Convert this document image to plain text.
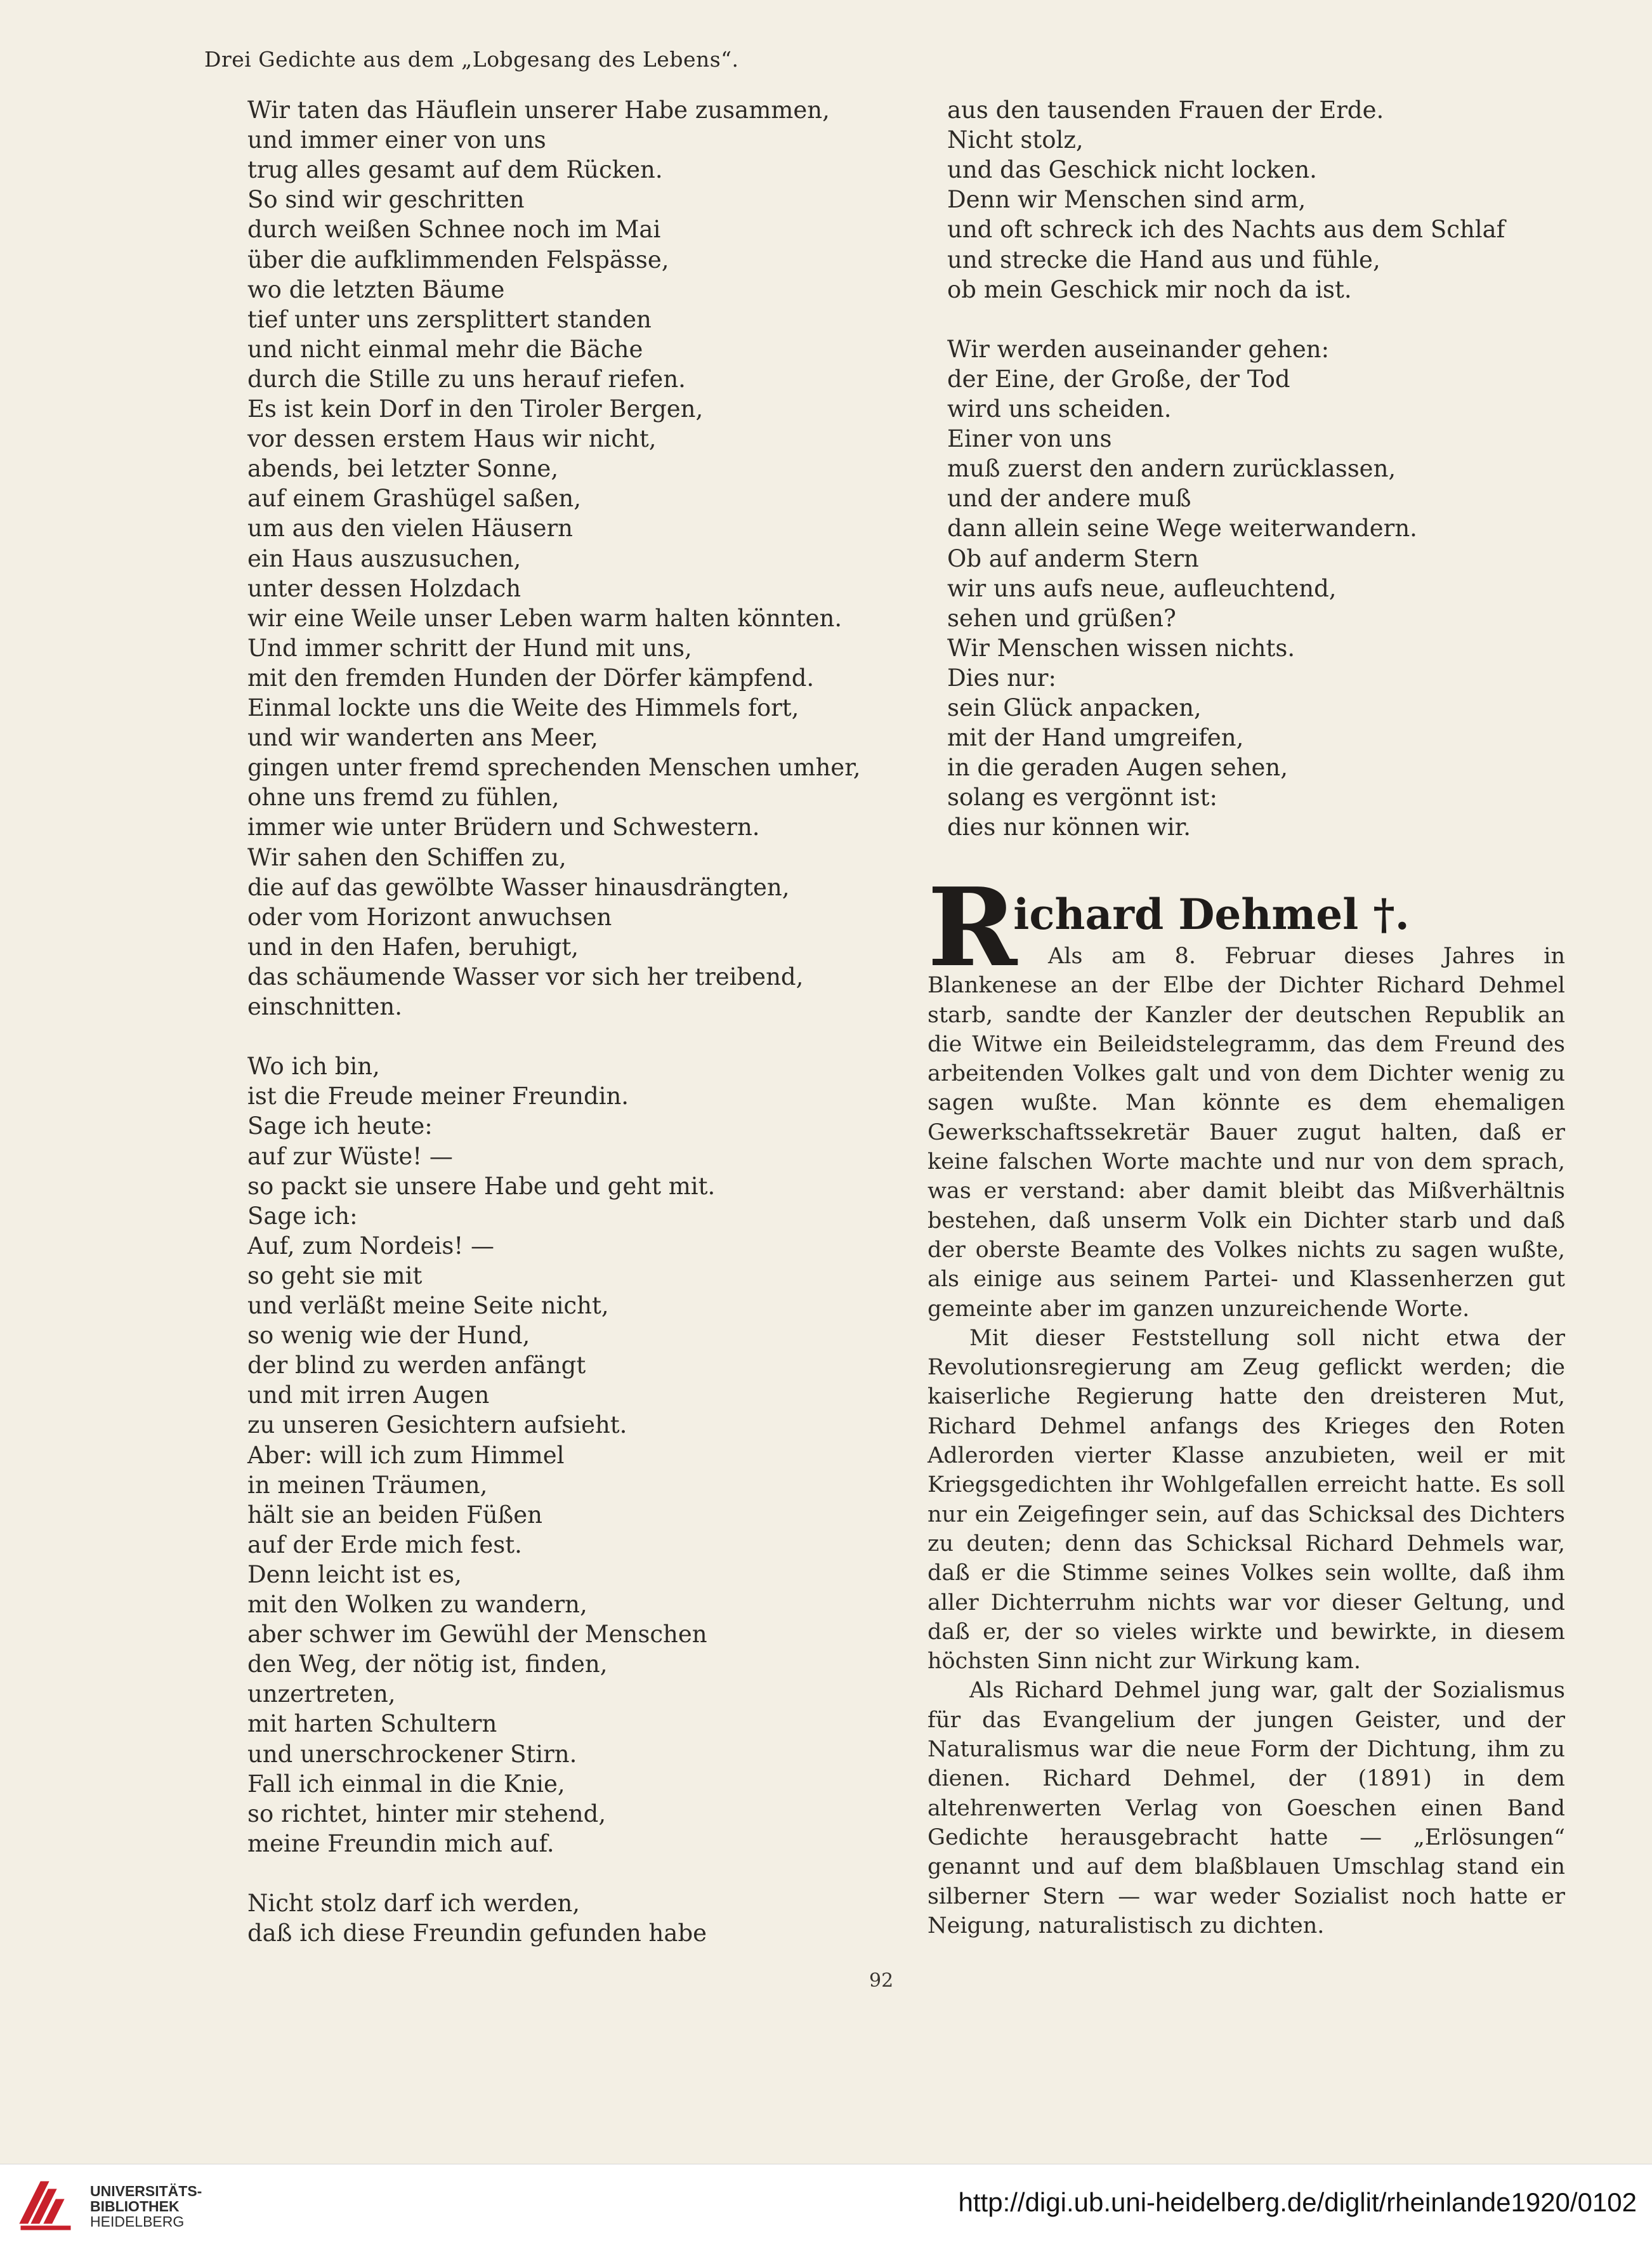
Drei Gedichte aus dem „Lobgesang des Lebens“.
Wir taten das Häuflein unserer Habe zusammen,
und immer einer von uns
trug alles gesamt auf dem Rücken.
So sind wir geschritten
durch weißen Schnee noch im Mai
über die aufklimmenden Felspässe,
wo die letzten Bäume
tief unter uns zersplittert standen
und nicht einmal mehr die Bäche
durch die Stille zu uns herauf riefen.
Es ist kein Dorf in den Tiroler Bergen,
vor dessen erstem Haus wir nicht,
abends, bei letzter Sonne,
auf einem Grashügel saßen,
um aus den vielen Häusern
ein Haus auszusuchen,
unter dessen Holzdach
wir eine Weile unser Leben warm halten könnten.
Und immer schritt der Hund mit uns,
mit den fremden Hunden der Dörfer kämpfend.
Einmal lockte uns die Weite des Himmels fort,
und wir wanderten ans Meer,
gingen unter fremd sprechenden Menschen umher,
ohne uns fremd zu fühlen,
immer wie unter Brüdern und Schwestern.
Wir sahen den Schiffen zu,
die auf das gewölbte Wasser hinausdrängten,
oder vom Horizont anwuchsen
und in den Hafen, beruhigt,
das schäumende Wasser vor sich her treibend,
einschnitten.
Wo ich bin,
ist die Freude meiner Freundin.
Sage ich heute:
auf zur Wüste! —
so packt sie unsere Habe und geht mit.
Sage ich:
Auf, zum Nordeis! —
so geht sie mit
und verläßt meine Seite nicht,
so wenig wie der Hund,
der blind zu werden anfängt
und mit irren Augen
zu unseren Gesichtern aufsieht.
Aber: will ich zum Himmel
in meinen Träumen,
hält sie an beiden Füßen
auf der Erde mich fest.
Denn leicht ist es,
mit den Wolken zu wandern,
aber schwer im Gewühl der Menschen
den Weg, der nötig ist, finden,
unzertreten,
mit harten Schultern
und unerschrockener Stirn.
Fall ich einmal in die Knie,
so richtet, hinter mir stehend,
meine Freundin mich auf.
Nicht stolz darf ich werden,
daß ich diese Freundin gefunden habe
aus den tausenden Frauen der Erde.
Nicht stolz,
und das Geschick nicht locken.
Denn wir Menschen sind arm,
und oft schreck ich des Nachts aus dem Schlaf
und strecke die Hand aus und fühle,
ob mein Geschick mir noch da ist.
Wir werden auseinander gehen:
der Eine, der Große, der Tod
wird uns scheiden.
Einer von uns
muß zuerst den andern zurücklassen,
und der andere muß
dann allein seine Wege weiterwandern.
Ob auf anderm Stern
wir uns aufs neue, aufleuchtend,
sehen und grüßen?
Wir Menschen wissen nichts.
Dies nur:
sein Glück anpacken,
mit der Hand umgreifen,
in die geraden Augen sehen,
solang es vergönnt ist:
dies nur können wir.
Richard Dehmel †.

Als am 8. Februar dieses Jahres in Blankenese an der Elbe der Dichter Richard Dehmel starb, sandte der Kanzler der deutschen Republik an die Witwe ein Beileidstelegramm, das dem Freund des arbeitenden Volkes galt und von dem Dichter wenig zu sagen wußte. Man könnte es dem ehemaligen Gewerkschaftssekretär Bauer zugut halten, daß er keine falschen Worte machte und nur von dem sprach, was er verstand: aber damit bleibt das Mißverhältnis bestehen, daß unserm Volk ein Dichter starb und daß der oberste Beamte des Volkes nichts zu sagen wußte, als einige aus seinem Partei- und Klassenherzen gut gemeinte aber im ganzen unzureichende Worte.

Mit dieser Feststellung soll nicht etwa der Revolutionsregierung am Zeug geflickt werden; die kaiserliche Regierung hatte den dreisteren Mut, Richard Dehmel anfangs des Krieges den Roten Adlerorden vierter Klasse anzubieten, weil er mit Kriegsgedichten ihr Wohlgefallen erreicht hatte. Es soll nur ein Zeigefinger sein, auf das Schicksal des Dichters zu deuten; denn das Schicksal Richard Dehmels war, daß er die Stimme seines Volkes sein wollte, daß ihm aller Dichterruhm nichts war vor dieser Geltung, und daß er, der so vieles wirkte und bewirkte, in diesem höchsten Sinn nicht zur Wirkung kam.

Als Richard Dehmel jung war, galt der Sozialismus für das Evangelium der jungen Geister, und der Naturalismus war die neue Form der Dichtung, ihm zu dienen. Richard Dehmel, der (1891) in dem altehrenwerten Verlag von Goeschen einen Band Gedichte herausgebracht hatte — „Erlösungen“ genannt und auf dem blaßblauen Umschlag stand ein silberner Stern — war weder Sozialist noch hatte er Neigung, naturalistisch zu dichten.

92
UNIVERSITÄTS-
BIBLIOTHEK
HEIDELBERG
http://digi.ub.uni-heidelberg.de/diglit/rheinlande1920/0102
